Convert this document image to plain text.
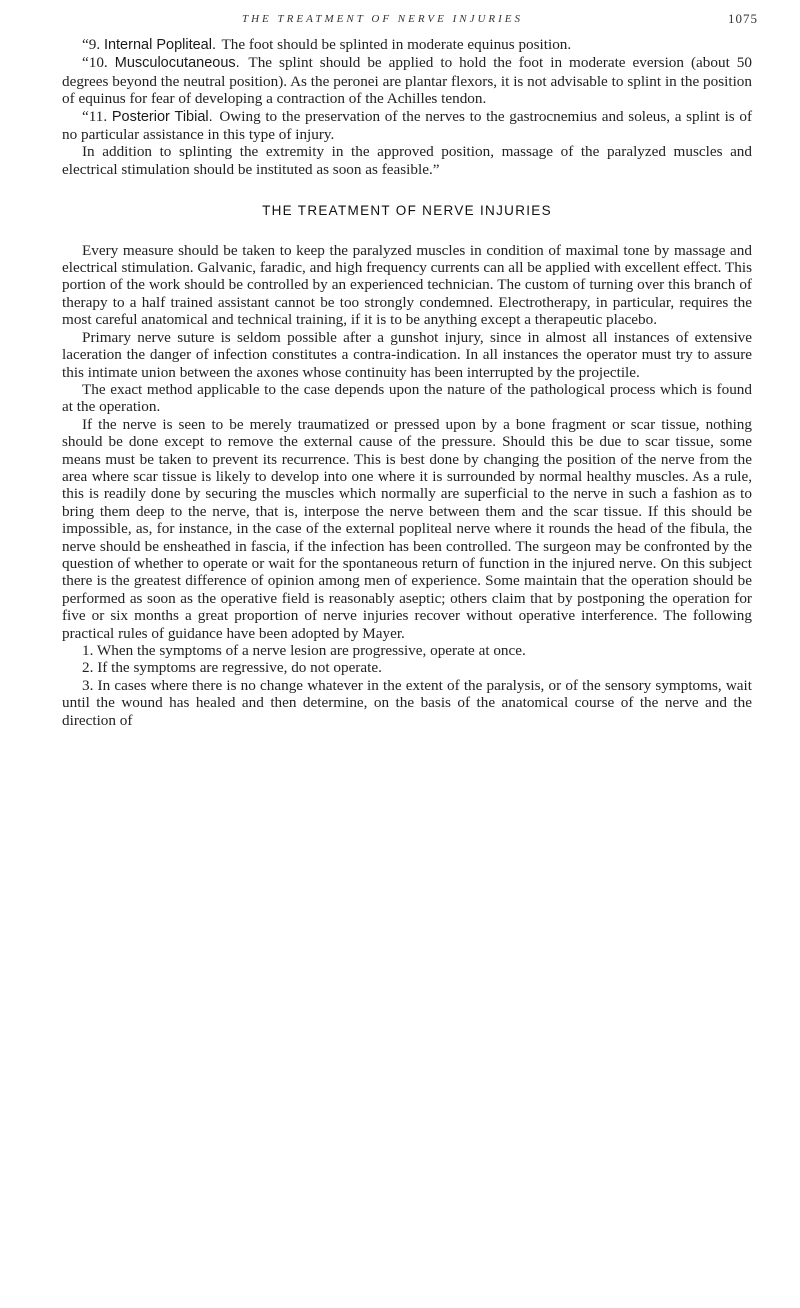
THE TREATMENT OF NERVE INJURIES	1075

“9. Internal Popliteal. The foot should be splinted in moderate equinus position.

“10. Musculocutaneous. The splint should be applied to hold the foot in moderate eversion (about 50 degrees beyond the neutral position). As the peronei are plantar flexors, it is not advisable to splint in the position of equinus for fear of developing a contraction of the Achilles tendon.

“11. Posterior Tibial. Owing to the preservation of the nerves to the gastrocnemius and soleus, a splint is of no particular assistance in this type of injury.

In addition to splinting the extremity in the approved position, massage of the paralyzed muscles and electrical stimulation should be instituted as soon as feasible.”

THE TREATMENT OF NERVE INJURIES

Every measure should be taken to keep the paralyzed muscles in condition of maximal tone by massage and electrical stimulation. Galvanic, faradic, and high frequency currents can all be applied with excellent effect. This portion of the work should be controlled by an experienced technician. The custom of turning over this branch of therapy to a half trained assistant cannot be too strongly condemned. Electrotherapy, in particular, requires the most careful anatomical and technical training, if it is to be anything except a therapeutic placebo.

Primary nerve suture is seldom possible after a gunshot injury, since in almost all instances of extensive laceration the danger of infection constitutes a contra-indication. In all instances the operator must try to assure this intimate union between the axones whose continuity has been interrupted by the projectile.

The exact method applicable to the case depends upon the nature of the pathological process which is found at the operation.

If the nerve is seen to be merely traumatized or pressed upon by a bone fragment or scar tissue, nothing should be done except to remove the external cause of the pressure. Should this be due to scar tissue, some means must be taken to prevent its recurrence. This is best done by changing the position of the nerve from the area where scar tissue is likely to develop into one where it is surrounded by normal healthy muscles. As a rule, this is readily done by securing the muscles which normally are superficial to the nerve in such a fashion as to bring them deep to the nerve, that is, interpose the nerve between them and the scar tissue. If this should be impossible, as, for instance, in the case of the external popliteal nerve where it rounds the head of the fibula, the nerve should be ensheathed in fascia, if the infection has been controlled. The surgeon may be confronted by the question of whether to operate or wait for the spontaneous return of function in the injured nerve. On this subject there is the greatest difference of opinion among men of experience. Some maintain that the operation should be performed as soon as the operative field is reasonably aseptic; others claim that by postponing the operation for five or six months a great proportion of nerve injuries recover without operative interference. The following practical rules of guidance have been adopted by Mayer.

1. When the symptoms of a nerve lesion are progressive, operate at once.

2. If the symptoms are regressive, do not operate.

3. In cases where there is no change whatever in the extent of the paralysis, or of the sensory symptoms, wait until the wound has healed and then determine, on the basis of the anatomical course of the nerve and the direction of
